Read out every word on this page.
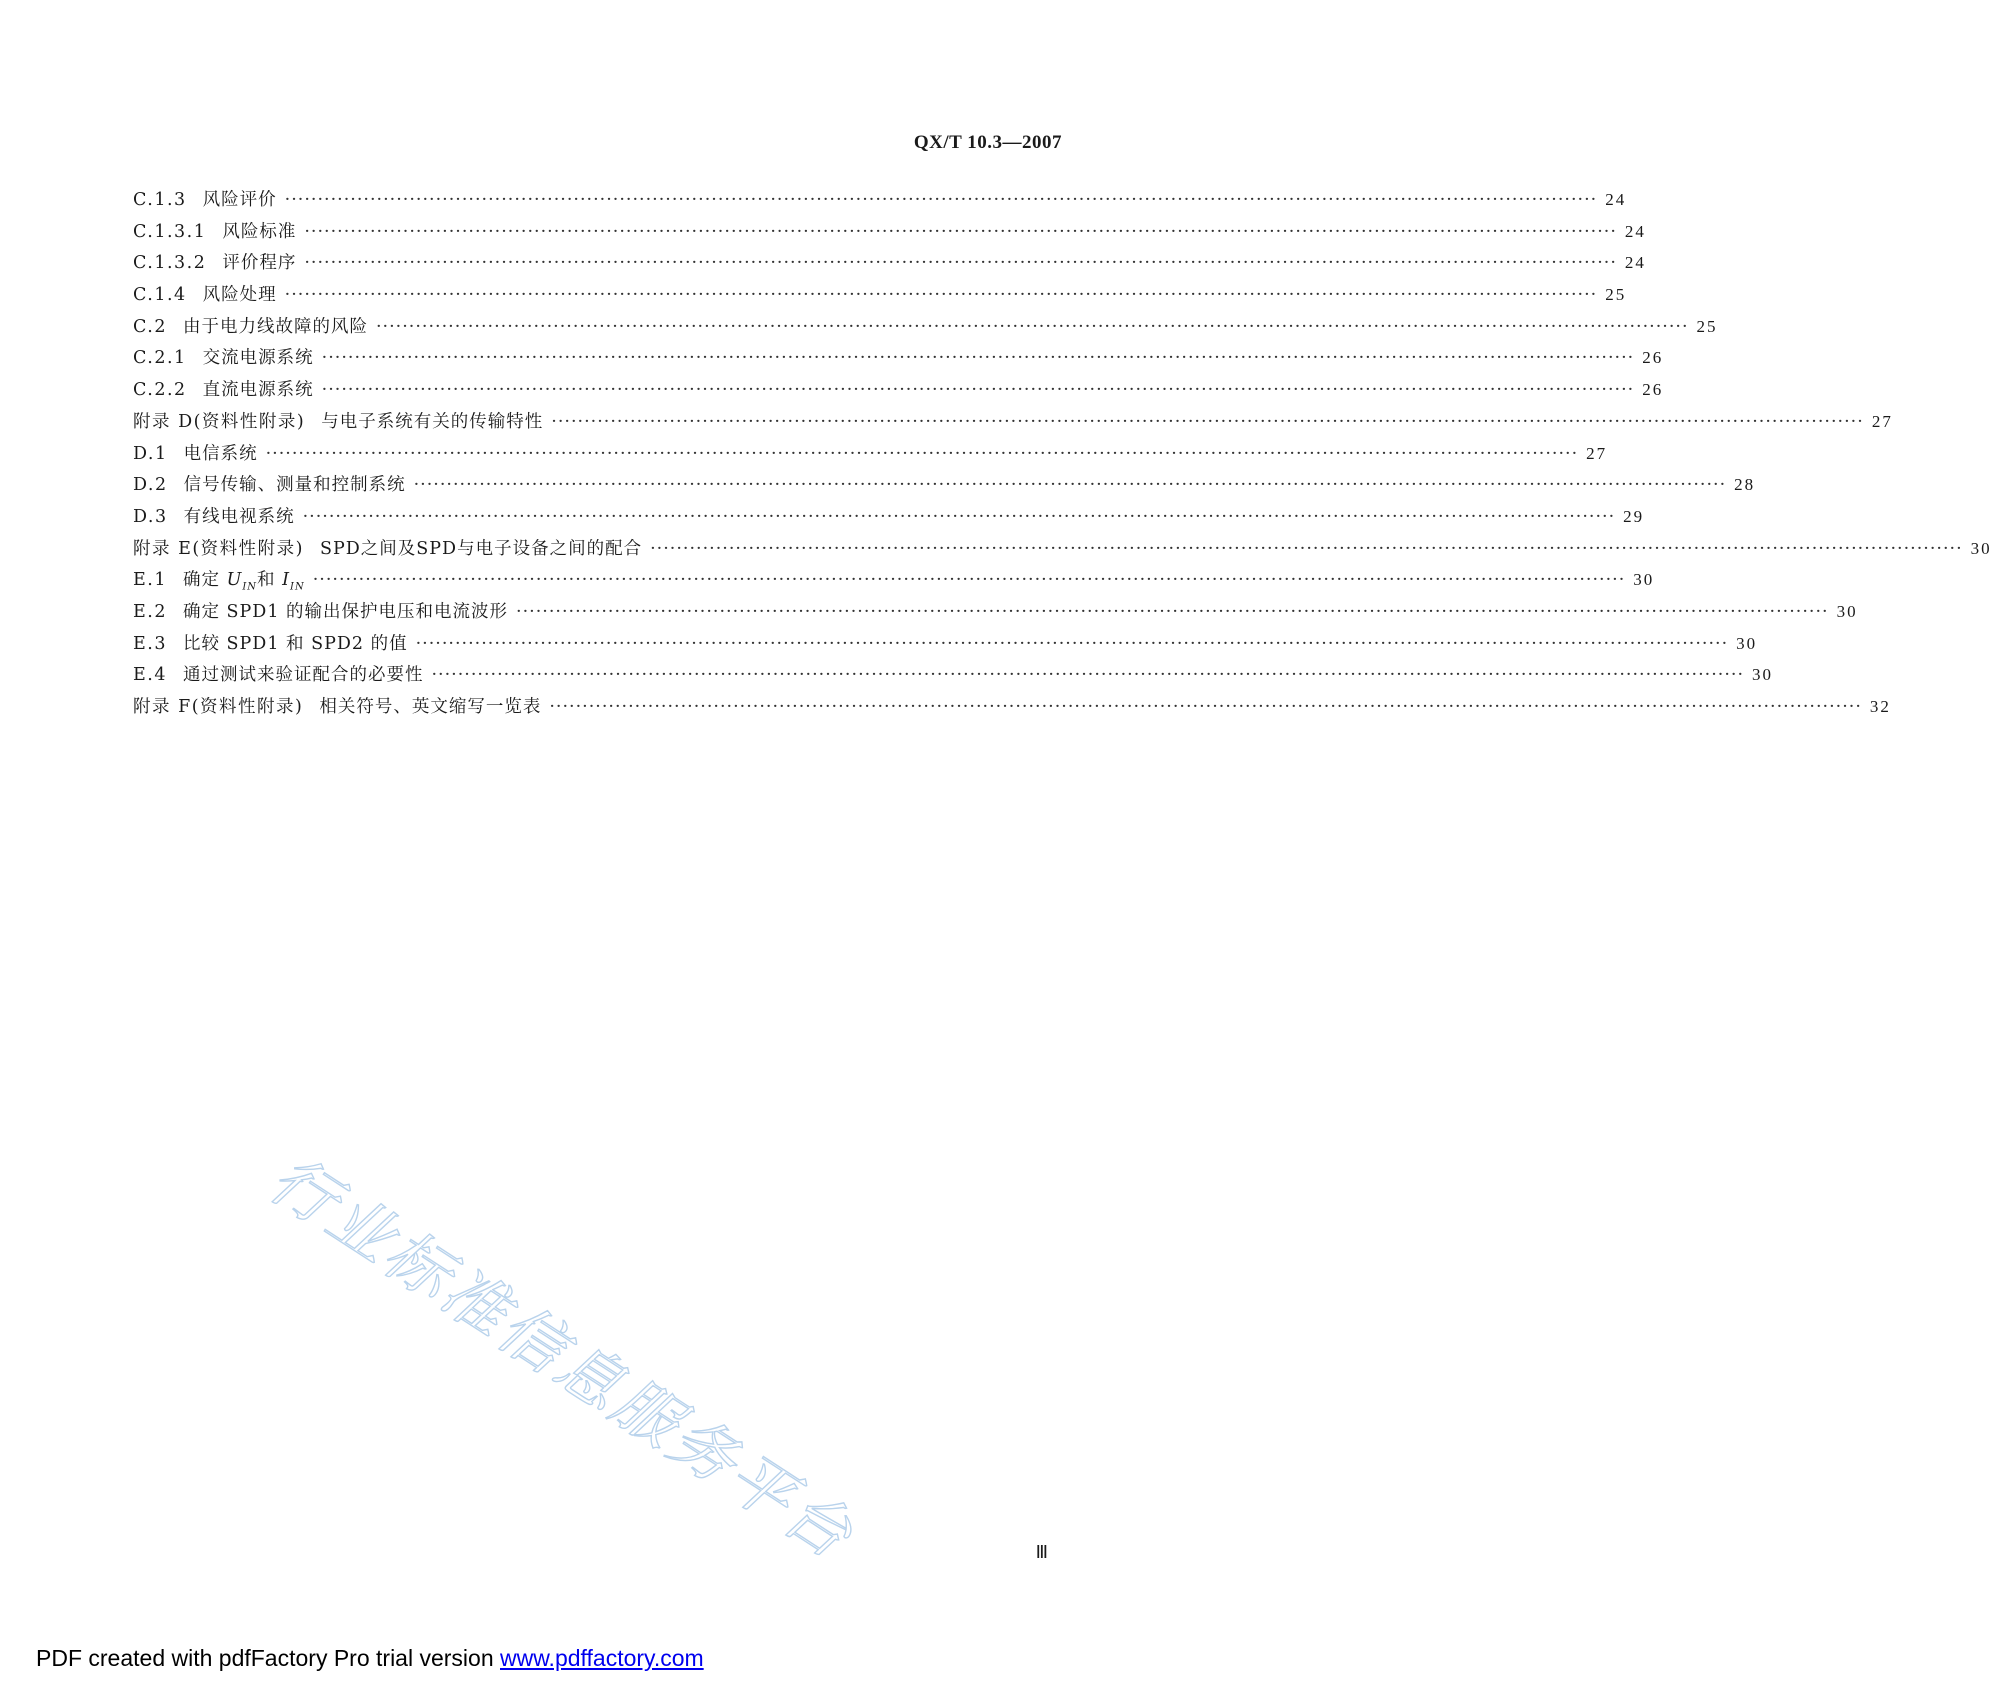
QX/T 10.3—2007
C.1.3 风险评价 ········································································································································································································ 24
C.1.3.1 风险标准 ········································································································································································································ 24
C.1.3.2 评价程序 ········································································································································································································ 24
C.1.4 风险处理 ········································································································································································································ 25
C.2 由于电力线故障的风险 ········································································································································································································ 25
C.2.1 交流电源系统 ········································································································································································································ 26
C.2.2 直流电源系统 ········································································································································································································ 26
附录 D(资料性附录) 与电子系统有关的传输特性 ········································································································································································································ 27
D.1 电信系统 ········································································································································································································ 27
D.2 信号传输、测量和控制系统 ········································································································································································································ 28
D.3 有线电视系统 ········································································································································································································ 29
附录 E(资料性附录) SPD之间及SPD与电子设备之间的配合 ········································································································································································································ 30
E.1 确定 $U_{IN}$和 $I_{IN}$ ········································································································································································································ 30
E.2 确定 SPD1 的输出保护电压和电流波形 ········································································································································································································ 30
E.3 比较 SPD1 和 SPD2 的值 ········································································································································································································ 30
E.4 通过测试来验证配合的必要性 ········································································································································································································ 30
附录 F(资料性附录) 相关符号、英文缩写一览表 ········································································································································································································ 32
行业标准信息服务平台	Ⅲ
PDF created with pdfFactory Pro trial version www.pdffactory.com
